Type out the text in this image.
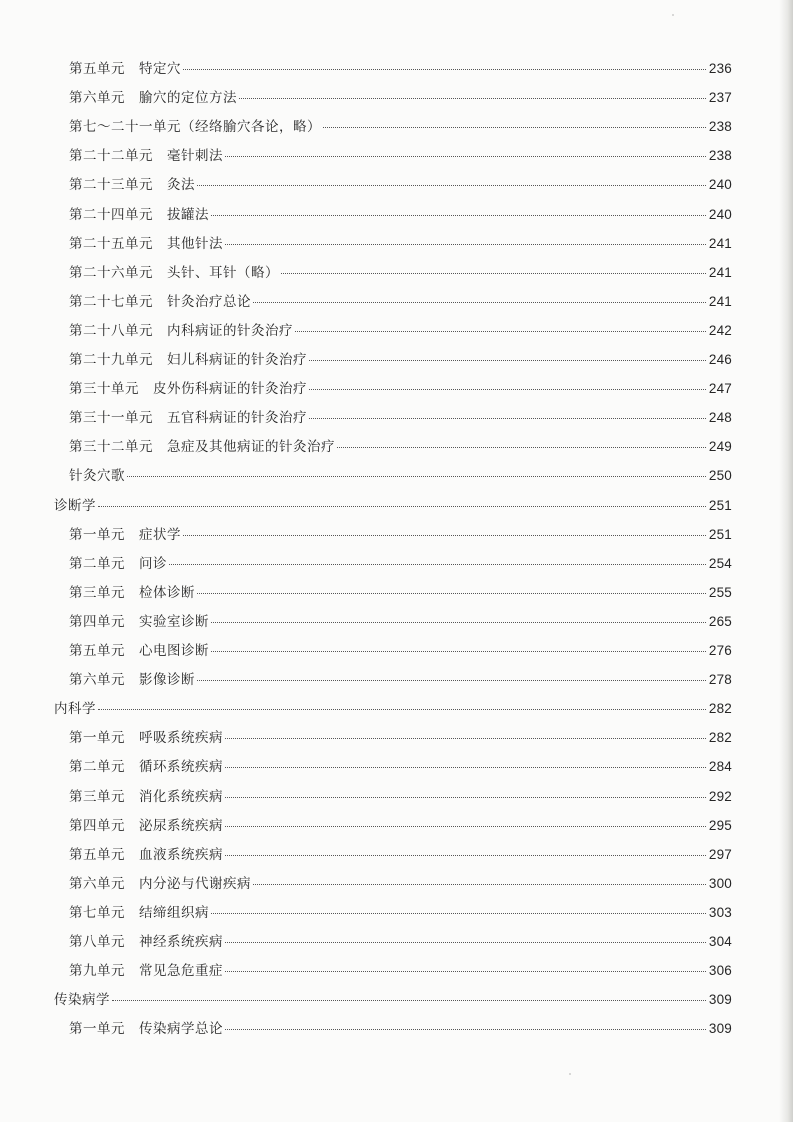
第五单元 特定穴	236
第六单元 腧穴的定位方法	237
第七～二十一单元（经络腧穴各论，略）	238
第二十二单元 毫针刺法	238
第二十三单元 灸法	240
第二十四单元 拔罐法	240
第二十五单元 其他针法	241
第二十六单元 头针、耳针（略）	241
第二十七单元 针灸治疗总论	241
第二十八单元 内科病证的针灸治疗	242
第二十九单元 妇儿科病证的针灸治疗	246
第三十单元 皮外伤科病证的针灸治疗	247
第三十一单元 五官科病证的针灸治疗	248
第三十二单元 急症及其他病证的针灸治疗	249
针灸穴歌	250
诊断学	251
第一单元 症状学	251
第二单元 问诊	254
第三单元 检体诊断	255
第四单元 实验室诊断	265
第五单元 心电图诊断	276
第六单元 影像诊断	278
内科学	282
第一单元 呼吸系统疾病	282
第二单元 循环系统疾病	284
第三单元 消化系统疾病	292
第四单元 泌尿系统疾病	295
第五单元 血液系统疾病	297
第六单元 内分泌与代谢疾病	300
第七单元 结缔组织病	303
第八单元 神经系统疾病	304
第九单元 常见急危重症	306
传染病学	309
第一单元 传染病学总论	309
